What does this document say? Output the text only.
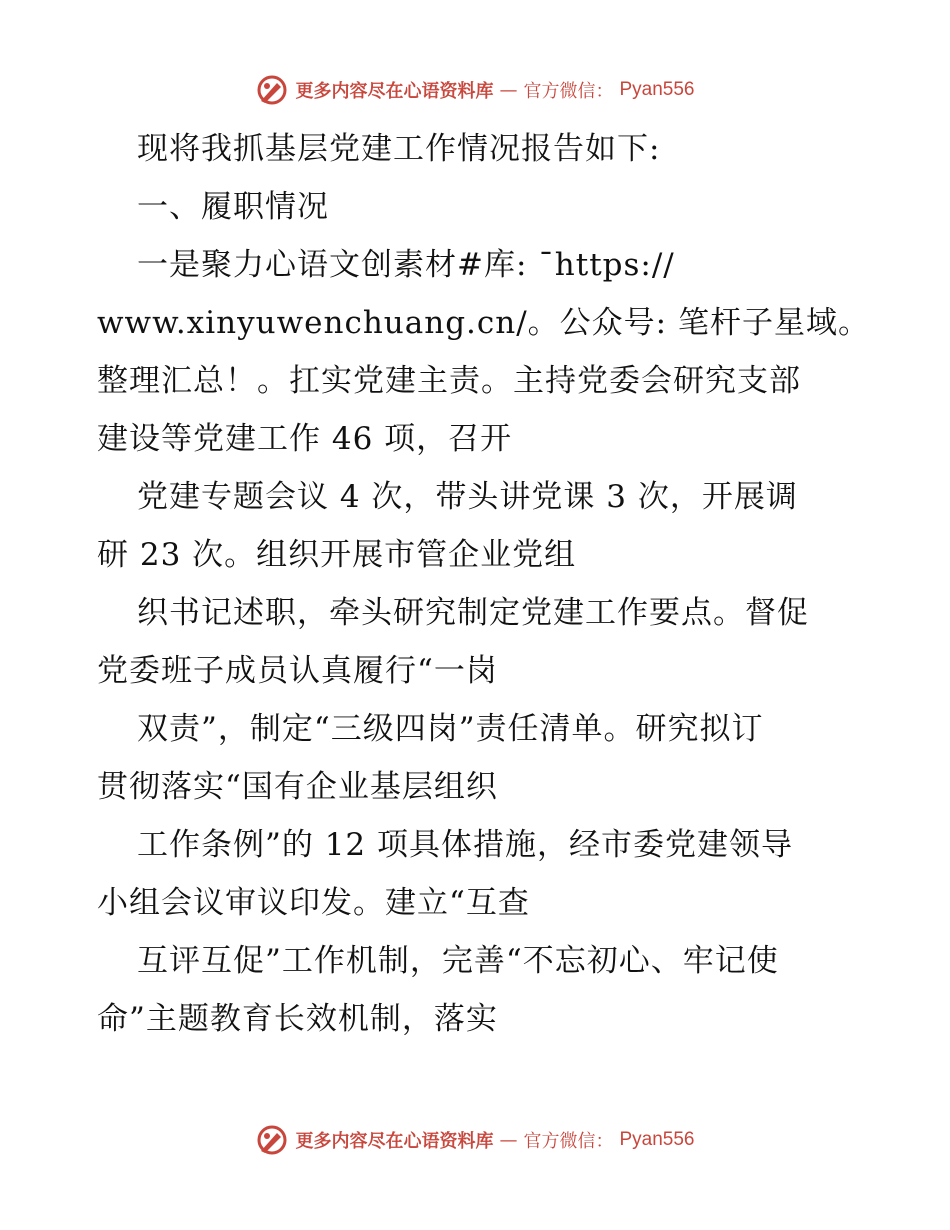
更多内容尽在心语资料库 — 官方微信： Pyan556
现将我抓基层党建工作情况报告如下:
一、履职情况
一是聚力心语文创素材#库: ¯https://
www.xinyuwenchuang.cn/。公众号: 笔杆子星域。
整理汇总！。扛实党建主责。主持党委会研究支部
建设等党建工作 46 项，召开
党建专题会议 4 次，带头讲党课 3 次，开展调
研 23 次。组织开展市管企业党组
织书记述职，牵头研究制定党建工作要点。督促
党委班子成员认真履行“一岗
双责”，制定“三级四岗”责任清单。研究拟订
贯彻落实“国有企业基层组织
工作条例”的 12 项具体措施，经市委党建领导
小组会议审议印发。建立“互查
互评互促”工作机制，完善“不忘初心、牢记使
命”主题教育长效机制，落实
更多内容尽在心语资料库 — 官方微信： Pyan556
